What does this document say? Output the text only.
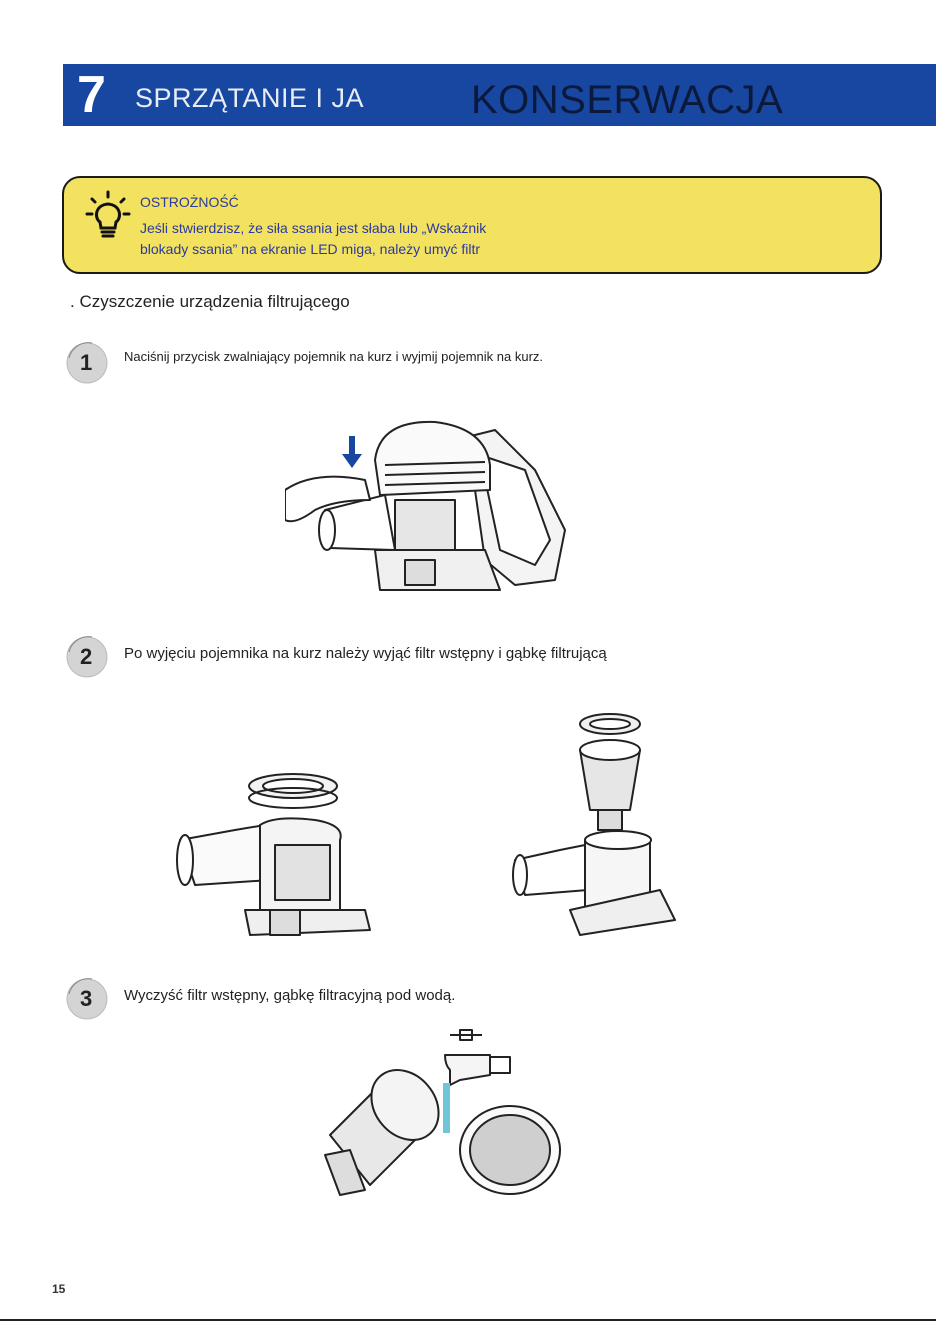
7 SPRZĄTANIE I JA	KONSERWACJA
OSTROŻNOŚĆ
Jeśli stwierdzisz, że siła ssania jest słaba lub „Wskaźnik
blokady ssania” na ekranie LED miga, należy umyć filtr
. Czyszczenie urządzenia filtrującego
1 Naciśnij przycisk zwalniający pojemnik na kurz i wyjmij pojemnik na kurz.
2 Po wyjęciu pojemnika na kurz należy wyjąć filtr wstępny i gąbkę filtrującą
3 Wyczyść filtr wstępny, gąbkę filtracyjną pod wodą.
15
